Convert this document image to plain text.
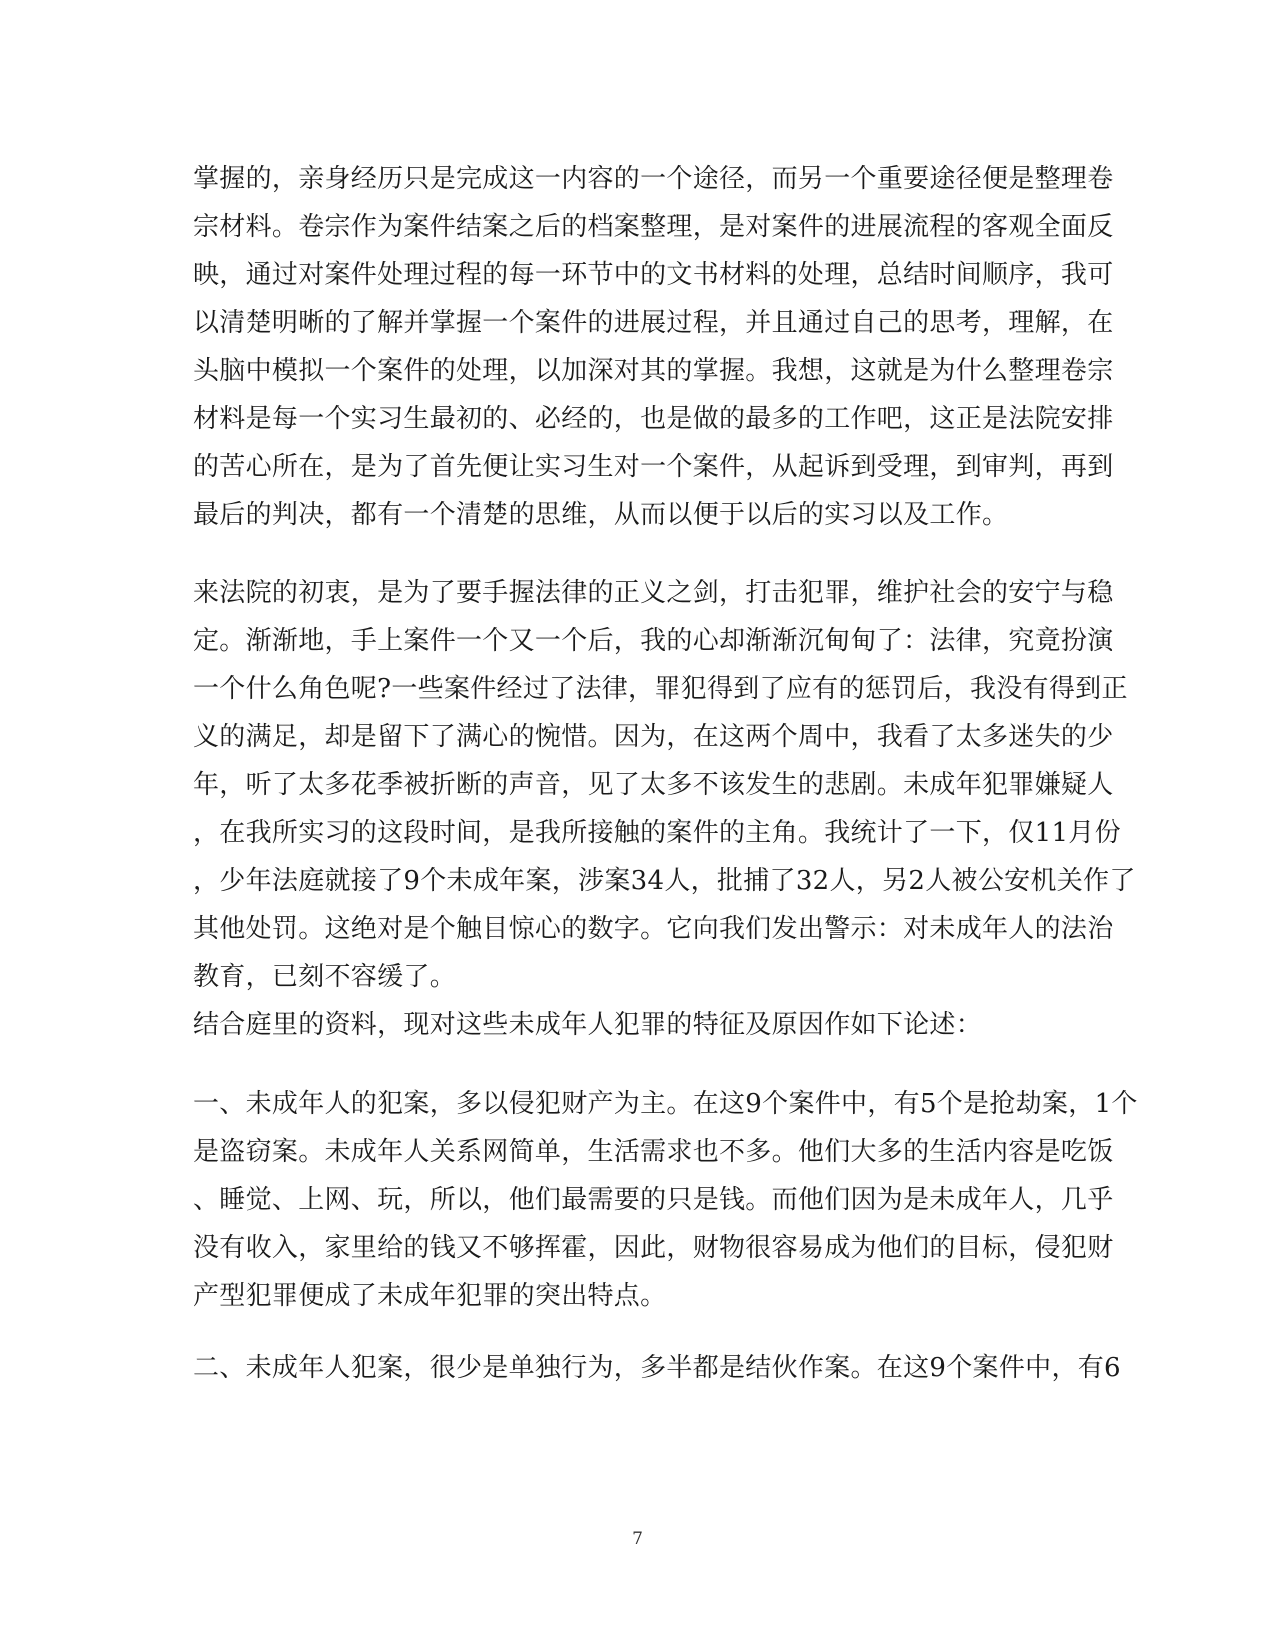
掌握的，亲身经历只是完成这一内容的一个途径，而另一个重要途径便是整理卷
宗材料。卷宗作为案件结案之后的档案整理，是对案件的进展流程的客观全面反
映，通过对案件处理过程的每一环节中的文书材料的处理，总结时间顺序，我可
以清楚明晰的了解并掌握一个案件的进展过程，并且通过自己的思考，理解，在
头脑中模拟一个案件的处理，以加深对其的掌握。我想，这就是为什么整理卷宗
材料是每一个实习生最初的、必经的，也是做的最多的工作吧，这正是法院安排
的苦心所在，是为了首先便让实习生对一个案件，从起诉到受理，到审判，再到
最后的判决，都有一个清楚的思维，从而以便于以后的实习以及工作。
来法院的初衷，是为了要手握法律的正义之剑，打击犯罪，维护社会的安宁与稳
定。渐渐地，手上案件一个又一个后，我的心却渐渐沉甸甸了：法律，究竟扮演
一个什么角色呢?一些案件经过了法律，罪犯得到了应有的惩罚后，我没有得到正
义的满足，却是留下了满心的惋惜。因为，在这两个周中，我看了太多迷失的少
年，听了太多花季被折断的声音，见了太多不该发生的悲剧。未成年犯罪嫌疑人
，在我所实习的这段时间，是我所接触的案件的主角。我统计了一下，仅11月份
，少年法庭就接了9个未成年案，涉案34人，批捕了32人，另2人被公安机关作了
其他处罚。这绝对是个触目惊心的数字。它向我们发出警示：对未成年人的法治
教育，已刻不容缓了。
结合庭里的资料，现对这些未成年人犯罪的特征及原因作如下论述：
一、未成年人的犯案，多以侵犯财产为主。在这9个案件中，有5个是抢劫案，1个
是盗窃案。未成年人关系网简单，生活需求也不多。他们大多的生活内容是吃饭
、睡觉、上网、玩，所以，他们最需要的只是钱。而他们因为是未成年人，几乎
没有收入，家里给的钱又不够挥霍，因此，财物很容易成为他们的目标，侵犯财
产型犯罪便成了未成年犯罪的突出特点。
二、未成年人犯案，很少是单独行为，多半都是结伙作案。在这9个案件中，有6
7
